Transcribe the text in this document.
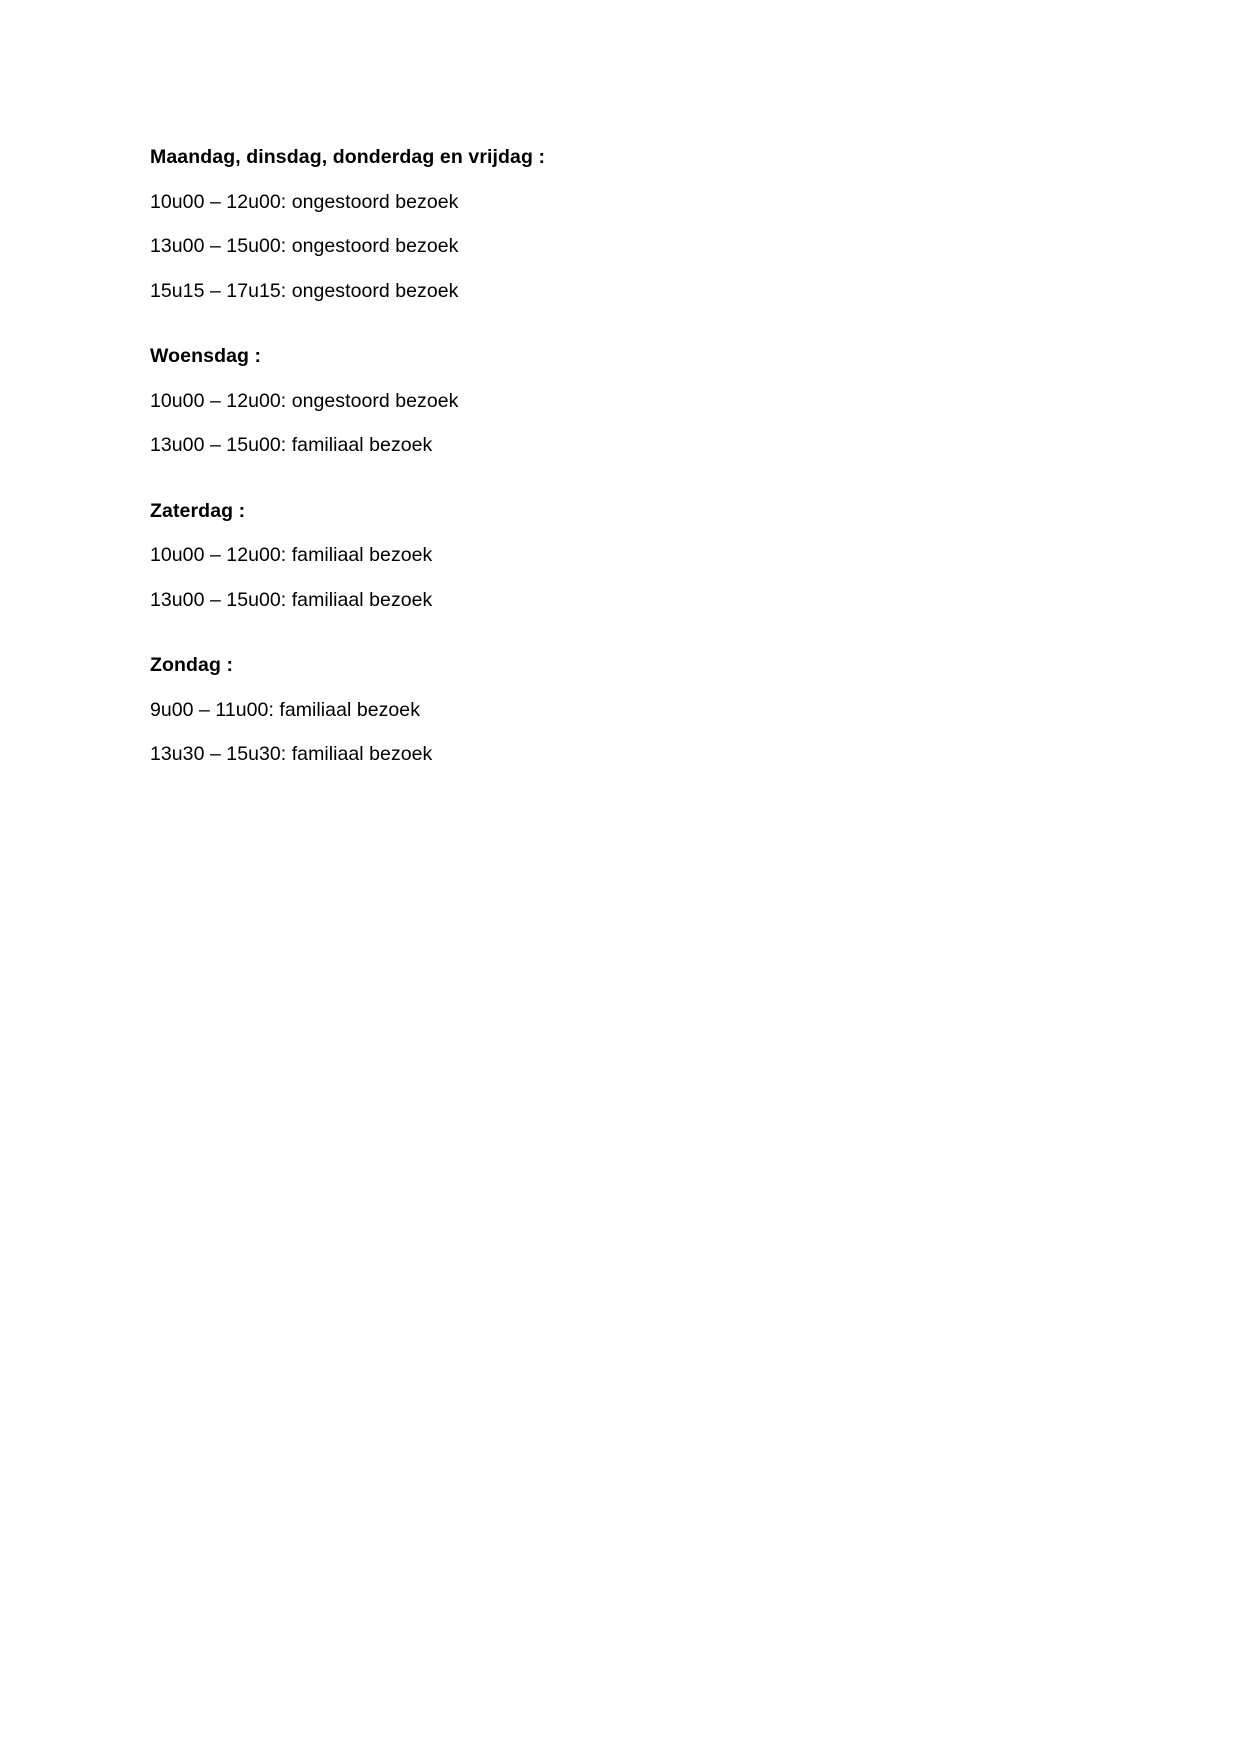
Maandag, dinsdag, donderdag en vrijdag :

10u00 – 12u00: ongestoord bezoek

13u00 – 15u00: ongestoord bezoek

15u15 – 17u15: ongestoord bezoek

Woensdag :

10u00 – 12u00: ongestoord bezoek

13u00 – 15u00: familiaal bezoek

Zaterdag :

10u00 – 12u00: familiaal bezoek

13u00 – 15u00: familiaal bezoek

Zondag :

9u00 – 11u00: familiaal bezoek

13u30 – 15u30: familiaal bezoek
